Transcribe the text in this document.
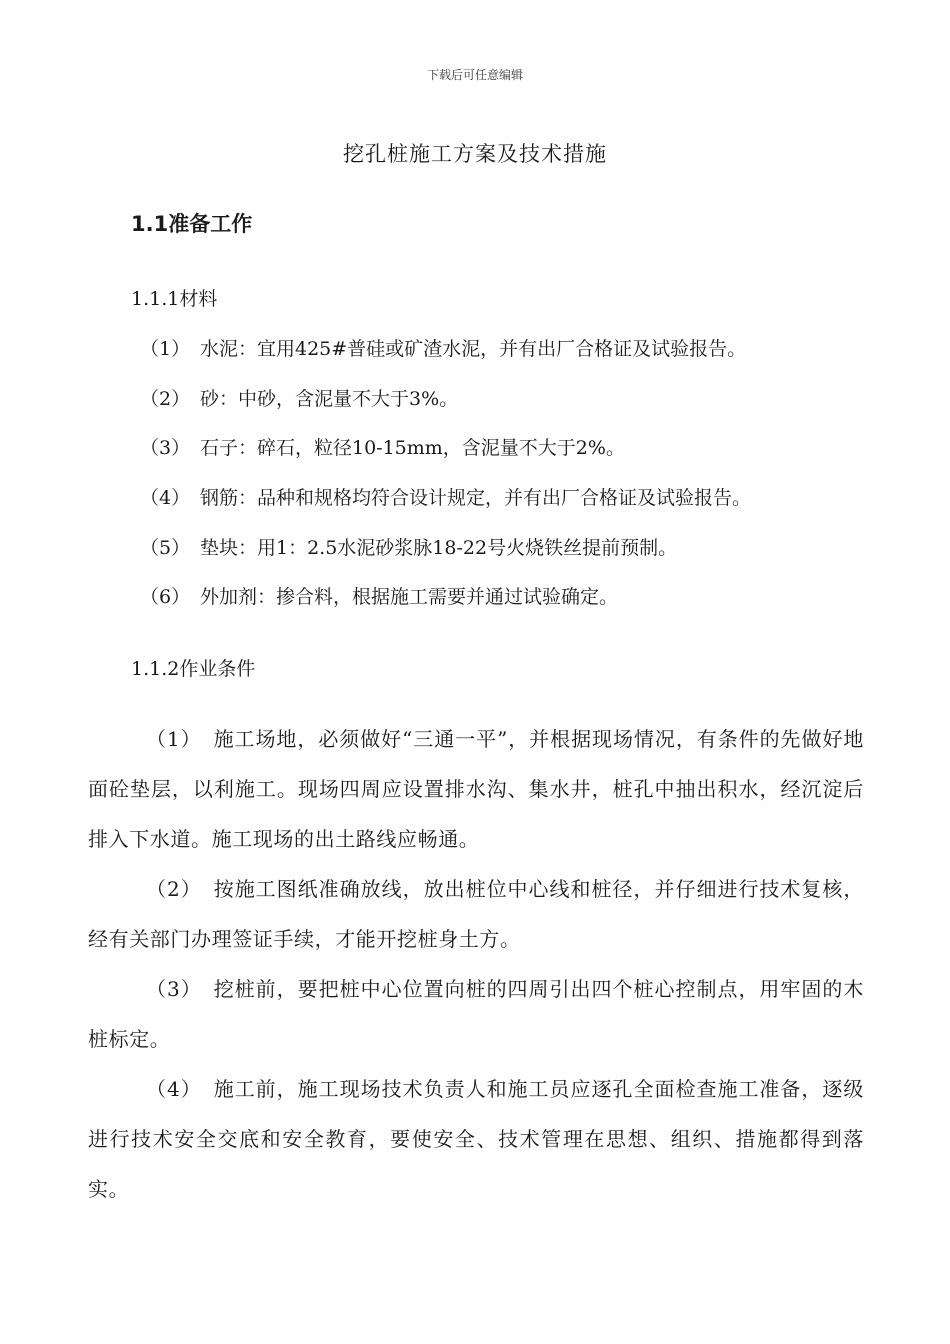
下载后可任意编辑
挖孔桩施工方案及技术措施
1.1准备工作
1.1.1材料
（1） 水泥：宜用425#普硅或矿渣水泥，并有出厂合格证及试验报告。
（2） 砂：中砂，含泥量不大于3%。
（3） 石子：碎石，粒径10-15mm，含泥量不大于2%。
（4） 钢筋：品种和规格均符合设计规定，并有出厂合格证及试验报告。
（5） 垫块：用1：2.5水泥砂浆脉18-22号火烧铁丝提前预制。
（6） 外加剂：掺合料，根据施工需要并通过试验确定。
1.1.2作业条件
（1） 施工场地，必须做好“三通一平”，并根据现场情况，有条件的先做好地面砼垫层，以利施工。现场四周应设置排水沟、集水井，桩孔中抽出积水，经沉淀后排入下水道。施工现场的出土路线应畅通。
（2） 按施工图纸准确放线，放出桩位中心线和桩径，并仔细进行技术复核，经有关部门办理签证手续，才能开挖桩身土方。
（3） 挖桩前，要把桩中心位置向桩的四周引出四个桩心控制点，用牢固的木桩标定。
（4） 施工前，施工现场技术负责人和施工员应逐孔全面检查施工准备，逐级进行技术安全交底和安全教育，要使安全、技术管理在思想、组织、措施都得到落实。
